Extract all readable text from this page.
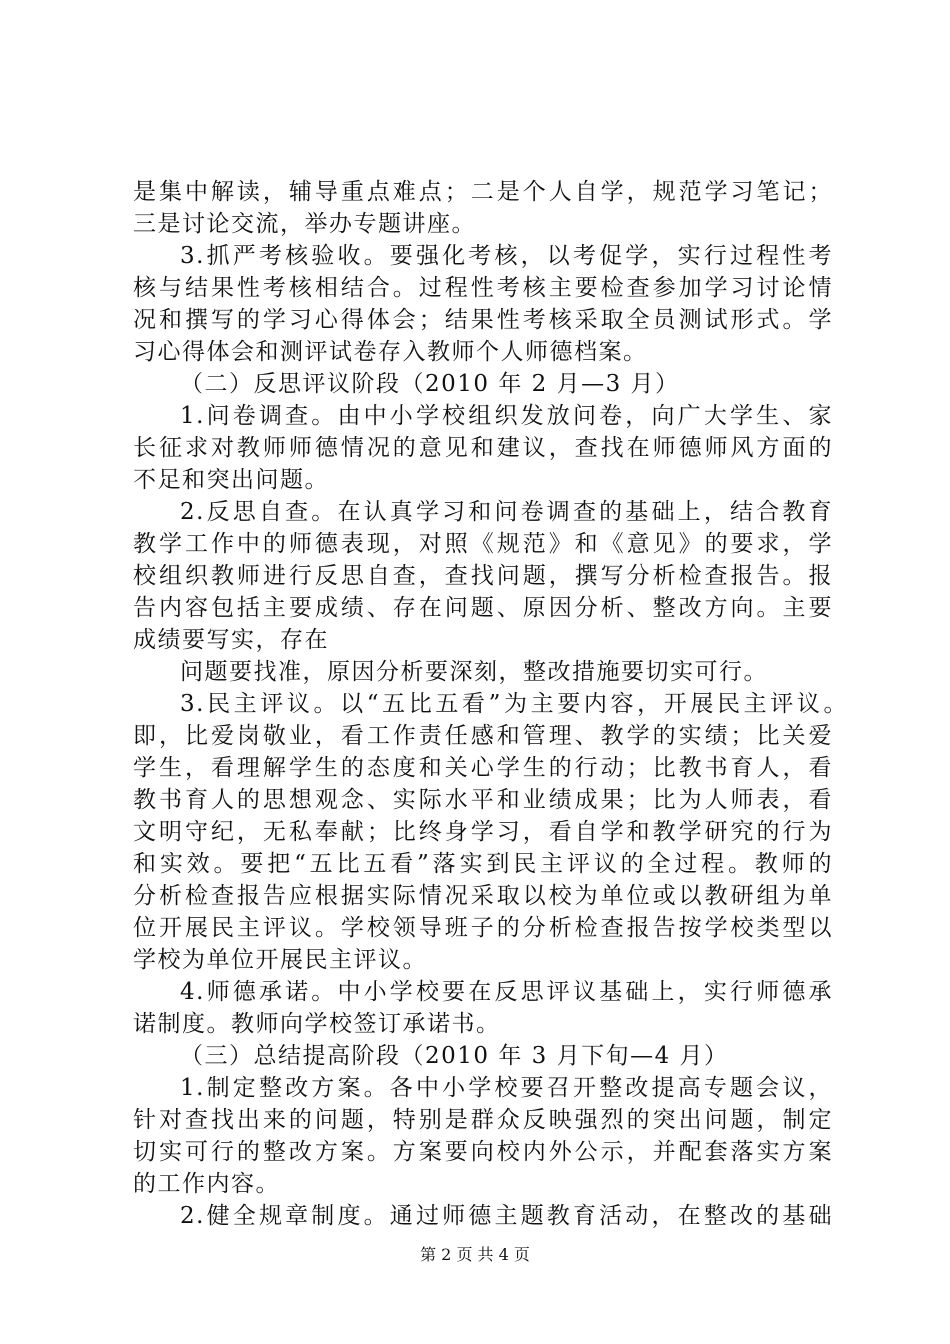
是集中解读，辅导重点难点；二是个人自学，规范学习笔记；
三是讨论交流，举办专题讲座。
3.抓严考核验收。要强化考核，以考促学，实行过程性考
核与结果性考核相结合。过程性考核主要检查参加学习讨论情
况和撰写的学习心得体会；结果性考核采取全员测试形式。学
习心得体会和测评试卷存入教师个人师德档案。
（二）反思评议阶段（2010 年 2 月—3 月）
1.问卷调查。由中小学校组织发放问卷，向广大学生、家
长征求对教师师德情况的意见和建议，查找在师德师风方面的
不足和突出问题。
2.反思自查。在认真学习和问卷调查的基础上，结合教育
教学工作中的师德表现，对照《规范》和《意见》的要求，学
校组织教师进行反思自查，查找问题，撰写分析检查报告。报
告内容包括主要成绩、存在问题、原因分析、整改方向。主要
成绩要写实，存在
问题要找准，原因分析要深刻，整改措施要切实可行。
3.民主评议。以“五比五看”为主要内容，开展民主评议。
即，比爱岗敬业，看工作责任感和管理、教学的实绩；比关爱
学生，看理解学生的态度和关心学生的行动；比教书育人，看
教书育人的思想观念、实际水平和业绩成果；比为人师表，看
文明守纪，无私奉献；比终身学习，看自学和教学研究的行为
和实效。要把“五比五看”落实到民主评议的全过程。教师的
分析检查报告应根据实际情况采取以校为单位或以教研组为单
位开展民主评议。学校领导班子的分析检查报告按学校类型以
学校为单位开展民主评议。
4.师德承诺。中小学校要在反思评议基础上，实行师德承
诺制度。教师向学校签订承诺书。
（三）总结提高阶段（2010 年 3 月下旬—4 月）
1.制定整改方案。各中小学校要召开整改提高专题会议，
针对查找出来的问题，特别是群众反映强烈的突出问题，制定
切实可行的整改方案。方案要向校内外公示，并配套落实方案
的工作内容。
2.健全规章制度。通过师德主题教育活动，在整改的基础
第 2 页 共 4 页
